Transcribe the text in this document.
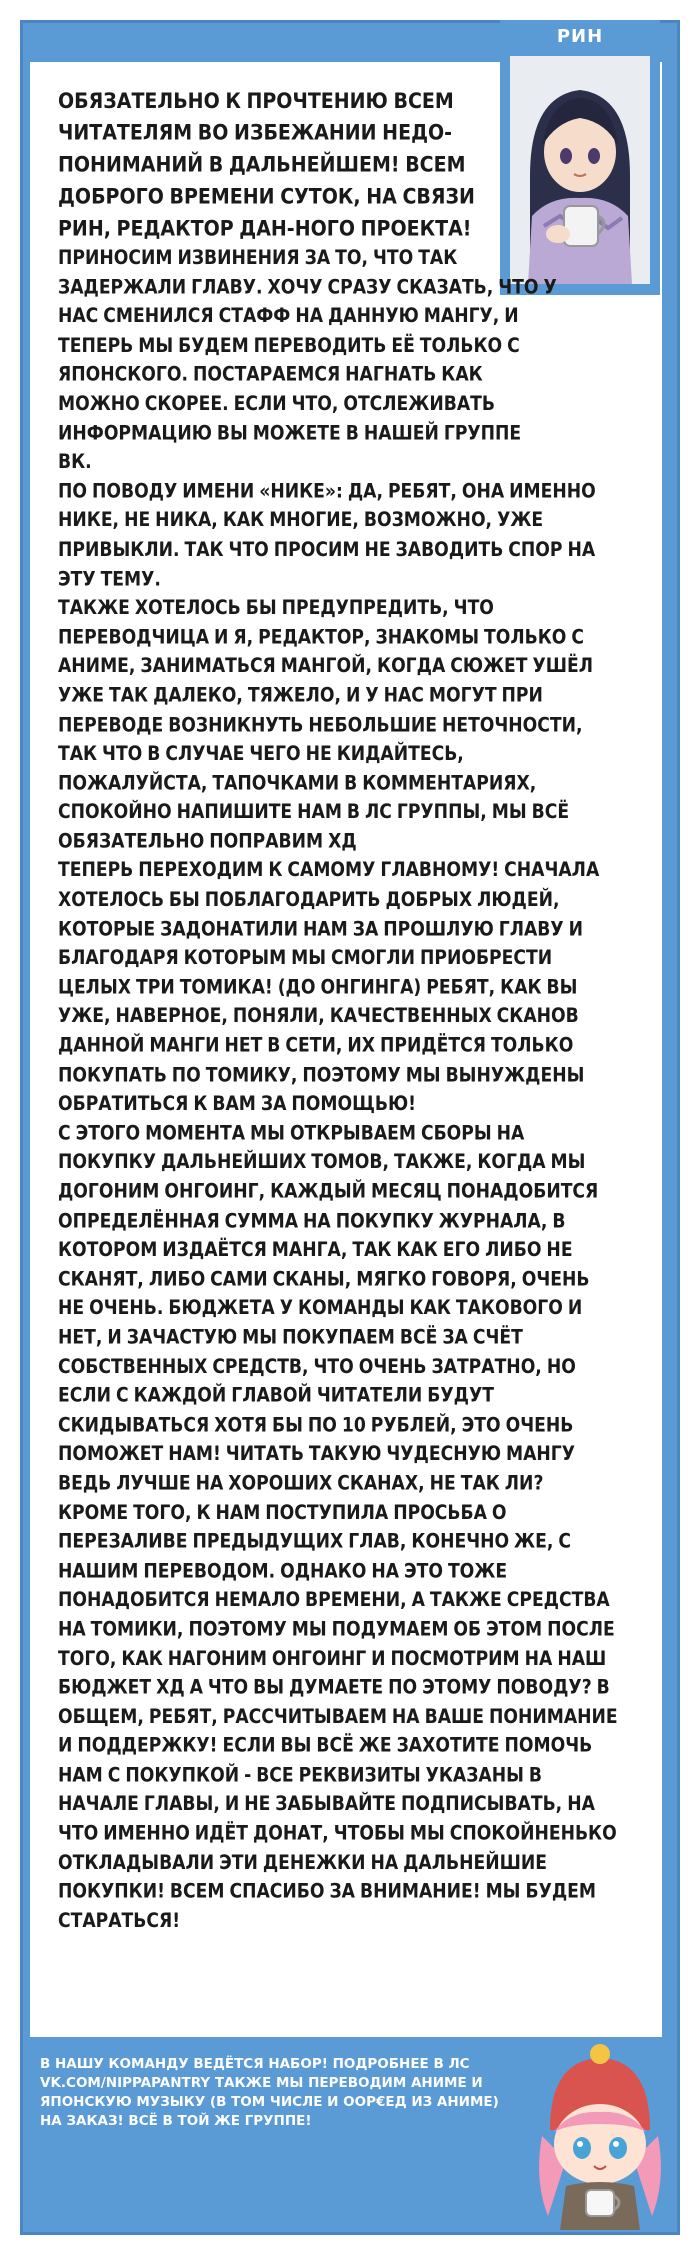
РИН
ОБЯЗАТЕЛЬНО К ПРОЧТЕНИЮ ВСЕМ ЧИТАТЕЛЯМ ВО ИЗБЕЖАНИИ НЕДО-ПОНИМАНИЙ В ДАЛЬНЕЙШЕМ! ВСЕМ ДОБРОГО ВРЕМЕНИ СУТОК, НА СВЯЗИ РИН, РЕДАКТОР ДАН-НОГО ПРОЕКТА!
ПРИНОСИМ ИЗВИНЕНИЯ ЗА ТО, ЧТО ТАК ЗАДЕРЖАЛИ ГЛАВУ. ХОЧУ СРАЗУ СКАЗАТЬ, ЧТО У НАС СМЕНИЛСЯ СТАФФ НА ДАННУЮ МАНГУ, И ТЕПЕРЬ МЫ БУДЕМ ПЕРЕВОДИТЬ ЕЁ ТОЛЬКО С ЯПОНСКОГО. ПОСТАРАЕМСЯ НАГНАТЬ КАК МОЖНО СКОРЕЕ. ЕСЛИ ЧТО, ОТСЛЕЖИВАТЬ ИНФОРМАЦИЮ ВЫ МОЖЕТЕ В НАШЕЙ ГРУППЕ ВК.
ПО ПОВОДУ ИМЕНИ «НИКЕ»: ДА, РЕБЯТ, ОНА ИМЕННО НИКЕ, НЕ НИКА, КАК МНОГИЕ, ВОЗМОЖНО, УЖЕ ПРИВЫКЛИ. ТАК ЧТО ПРОСИМ НЕ ЗАВОДИТЬ СПОР НА ЭТУ ТЕМУ.
ТАКЖЕ ХОТЕЛОСЬ БЫ ПРЕДУПРЕДИТЬ, ЧТО ПЕРЕВОДЧИЦА И Я, РЕДАКТОР, ЗНАКОМЫ ТОЛЬКО С АНИМЕ, ЗАНИМАТЬСЯ МАНГОЙ, КОГДА СЮЖЕТ УШЁЛ УЖЕ ТАК ДАЛЕКО, ТЯЖЕЛО, И У НАС МОГУТ ПРИ ПЕРЕВОДЕ ВОЗНИКНУТЬ НЕБОЛЬШИЕ НЕТОЧНОСТИ, ТАК ЧТО В СЛУЧАЕ ЧЕГО НЕ КИДАЙТЕСЬ, ПОЖАЛУЙСТА, ТАПОЧКАМИ В КОММЕНТАРИЯХ, СПОКОЙНО НАПИШИТЕ НАМ В ЛС ГРУППЫ, МЫ ВСЁ ОБЯЗАТЕЛЬНО ПОПРАВИМ ХД
ТЕПЕРЬ ПЕРЕХОДИМ К САМОМУ ГЛАВНОМУ! СНАЧАЛА ХОТЕЛОСЬ БЫ ПОБЛАГОДАРИТЬ ДОБРЫХ ЛЮДЕЙ, КОТОРЫЕ ЗАДОНАТИЛИ НАМ ЗА ПРОШЛУЮ ГЛАВУ И БЛАГОДАРЯ КОТОРЫМ МЫ СМОГЛИ ПРИОБРЕСТИ ЦЕЛЫХ ТРИ ТОМИКА! (ДО ОНГИНГА) РЕБЯТ, КАК ВЫ УЖЕ, НАВЕРНОЕ, ПОНЯЛИ, КАЧЕСТВЕННЫХ СКАНОВ ДАННОЙ МАНГИ НЕТ В СЕТИ, ИХ ПРИДЁТСЯ ТОЛЬКО ПОКУПАТЬ ПО ТОМИКУ, ПОЭТОМУ МЫ ВЫНУЖДЕНЫ ОБРАТИТЬСЯ К ВАМ ЗА ПОМОЩЬЮ!
С ЭТОГО МОМЕНТА МЫ ОТКРЫВАЕМ СБОРЫ НА ПОКУПКУ ДАЛЬНЕЙШИХ ТОМОВ, ТАКЖЕ, КОГДА МЫ ДОГОНИМ ОНГОИНГ, КАЖДЫЙ МЕСЯЦ ПОНАДОБИТСЯ ОПРЕДЕЛЁННАЯ СУММА НА ПОКУПКУ ЖУРНАЛА, В КОТОРОМ ИЗДАЁТСЯ МАНГА, ТАК КАК ЕГО ЛИБО НЕ СКАНЯТ, ЛИБО САМИ СКАНЫ, МЯГКО ГОВОРЯ, ОЧЕНЬ НЕ ОЧЕНЬ. БЮДЖЕТА У КОМАНДЫ КАК ТАКОВОГО И НЕТ, И ЗАЧАСТУЮ МЫ ПОКУПАЕМ ВСЁ ЗА СЧЁТ СОБСТВЕННЫХ СРЕДСТВ, ЧТО ОЧЕНЬ ЗАТРАТНО, НО ЕСЛИ С КАЖДОЙ ГЛАВОЙ ЧИТАТЕЛИ БУДУТ СКИДЫВАТЬСЯ ХОТЯ БЫ ПО 10 РУБЛЕЙ, ЭТО ОЧЕНЬ ПОМОЖЕТ НАМ! ЧИТАТЬ ТАКУЮ ЧУДЕСНУЮ МАНГУ ВЕДЬ ЛУЧШЕ НА ХОРОШИХ СКАНАХ, НЕ ТАК ЛИ?
КРОМЕ ТОГО, К НАМ ПОСТУПИЛА ПРОСЬБА О ПЕРЕЗАЛИВЕ ПРЕДЫДУЩИХ ГЛАВ, КОНЕЧНО ЖЕ, С НАШИМ ПЕРЕВОДОМ. ОДНАКО НА ЭТО ТОЖЕ ПОНАДОБИТСЯ НЕМАЛО ВРЕМЕНИ, А ТАКЖЕ СРЕДСТВА НА ТОМИКИ, ПОЭТОМУ МЫ ПОДУМАЕМ ОБ ЭТОМ ПОСЛЕ ТОГО, КАК НАГОНИМ ОНГОИНГ И ПОСМОТРИМ НА НАШ БЮДЖЕТ ХД А ЧТО ВЫ ДУМАЕТЕ ПО ЭТОМУ ПОВОДУ? В ОБЩЕМ, РЕБЯТ, РАССЧИТЫВАЕМ НА ВАШЕ ПОНИМАНИЕ И ПОДДЕРЖКУ! ЕСЛИ ВЫ ВСЁ ЖЕ ЗАХОТИТЕ ПОМОЧЬ НАМ С ПОКУПКОЙ - ВСЕ РЕКВИЗИТЫ УКАЗАНЫ В НАЧАЛЕ ГЛАВЫ, И НЕ ЗАБЫВАЙТЕ ПОДПИСЫВАТЬ, НА ЧТО ИМЕННО ИДЁТ ДОНАТ, ЧТОБЫ МЫ СПОКОЙНЕНЬКО ОТКЛАДЫВАЛИ ЭТИ ДЕНЕЖКИ НА ДАЛЬНЕЙШИЕ ПОКУПКИ! ВСЕМ СПАСИБО ЗА ВНИМАНИЕ! МЫ БУДЕМ СТАРАТЬСЯ!
В НАШУ КОМАНДУ ВЕДЁТСЯ НАБОР! ПОДРОБНЕЕ В ЛС VK.COM/NIPPAPANTRY ТАКЖЕ МЫ ПЕРЕВОДИМ АНИМЕ И ЯПОНСКУЮ МУЗЫКУ (В ТОМ ЧИСЛЕ И ООР€ЕД ИЗ АНИМЕ) НА ЗАКАЗ! ВСЁ В ТОЙ ЖЕ ГРУППЕ!
